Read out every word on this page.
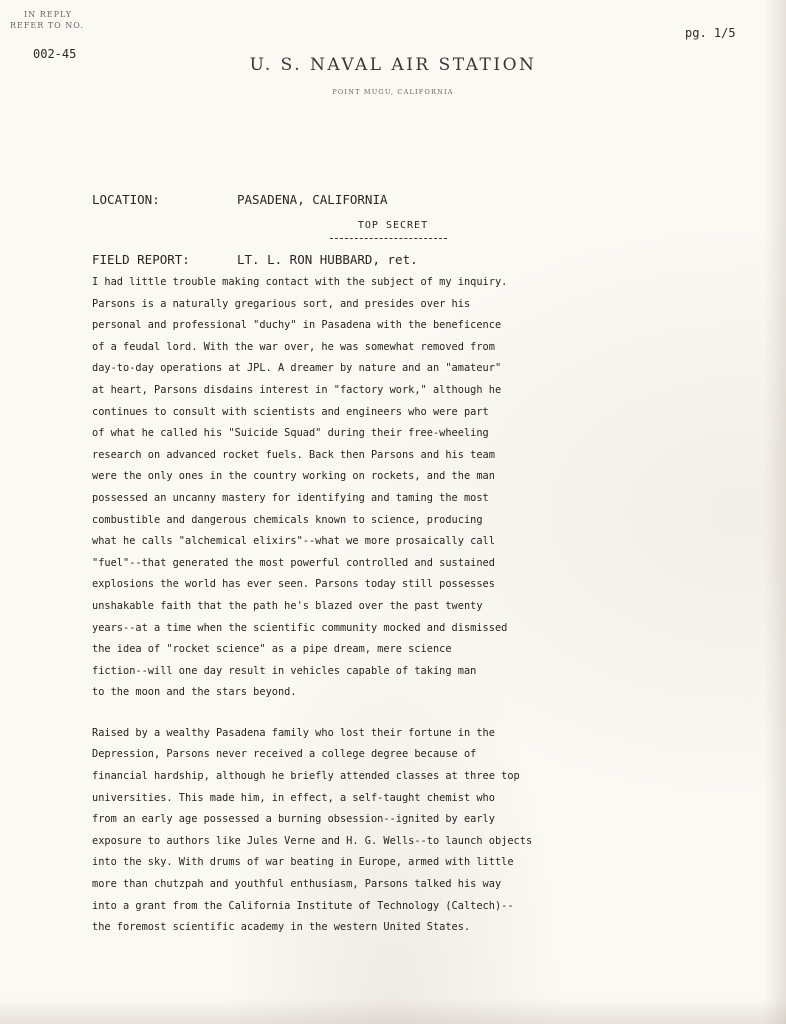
IN REPLY
REFER TO NO.
002-45
pg. 1/5
U. S. NAVAL AIR STATION
POINT MUGU, CALIFORNIA

LOCATION:	PASADENA, CALIFORNIA

FIELD REPORT:	LT. L. RON HUBBARD, ret.

TOP SECRET
I had little trouble making contact with the subject of my inquiry.
Parsons is a naturally gregarious sort, and presides over his
personal and professional "duchy" in Pasadena with the beneficence
of a feudal lord. With the war over, he was somewhat removed from
day-to-day operations at JPL. A dreamer by nature and an "amateur"
at heart, Parsons disdains interest in "factory work," although he
continues to consult with scientists and engineers who were part
of what he called his "Suicide Squad" during their free-wheeling
research on advanced rocket fuels. Back then Parsons and his team
were the only ones in the country working on rockets, and the man
possessed an uncanny mastery for identifying and taming the most
combustible and dangerous chemicals known to science, producing
what he calls "alchemical elixirs"--what we more prosaically call
"fuel"--that generated the most powerful controlled and sustained
explosions the world has ever seen. Parsons today still possesses
unshakable faith that the path he's blazed over the past twenty
years--at a time when the scientific community mocked and dismissed
the idea of "rocket science" as a pipe dream, mere science
fiction--will one day result in vehicles capable of taking man
to the moon and the stars beyond.
Raised by a wealthy Pasadena family who lost their fortune in the
Depression, Parsons never received a college degree because of
financial hardship, although he briefly attended classes at three top
universities. This made him, in effect, a self-taught chemist who
from an early age possessed a burning obsession--ignited by early
exposure to authors like Jules Verne and H. G. Wells--to launch objects
into the sky. With drums of war beating in Europe, armed with little
more than chutzpah and youthful enthusiasm, Parsons talked his way
into a grant from the California Institute of Technology (Caltech)--
the foremost scientific academy in the western United States.
